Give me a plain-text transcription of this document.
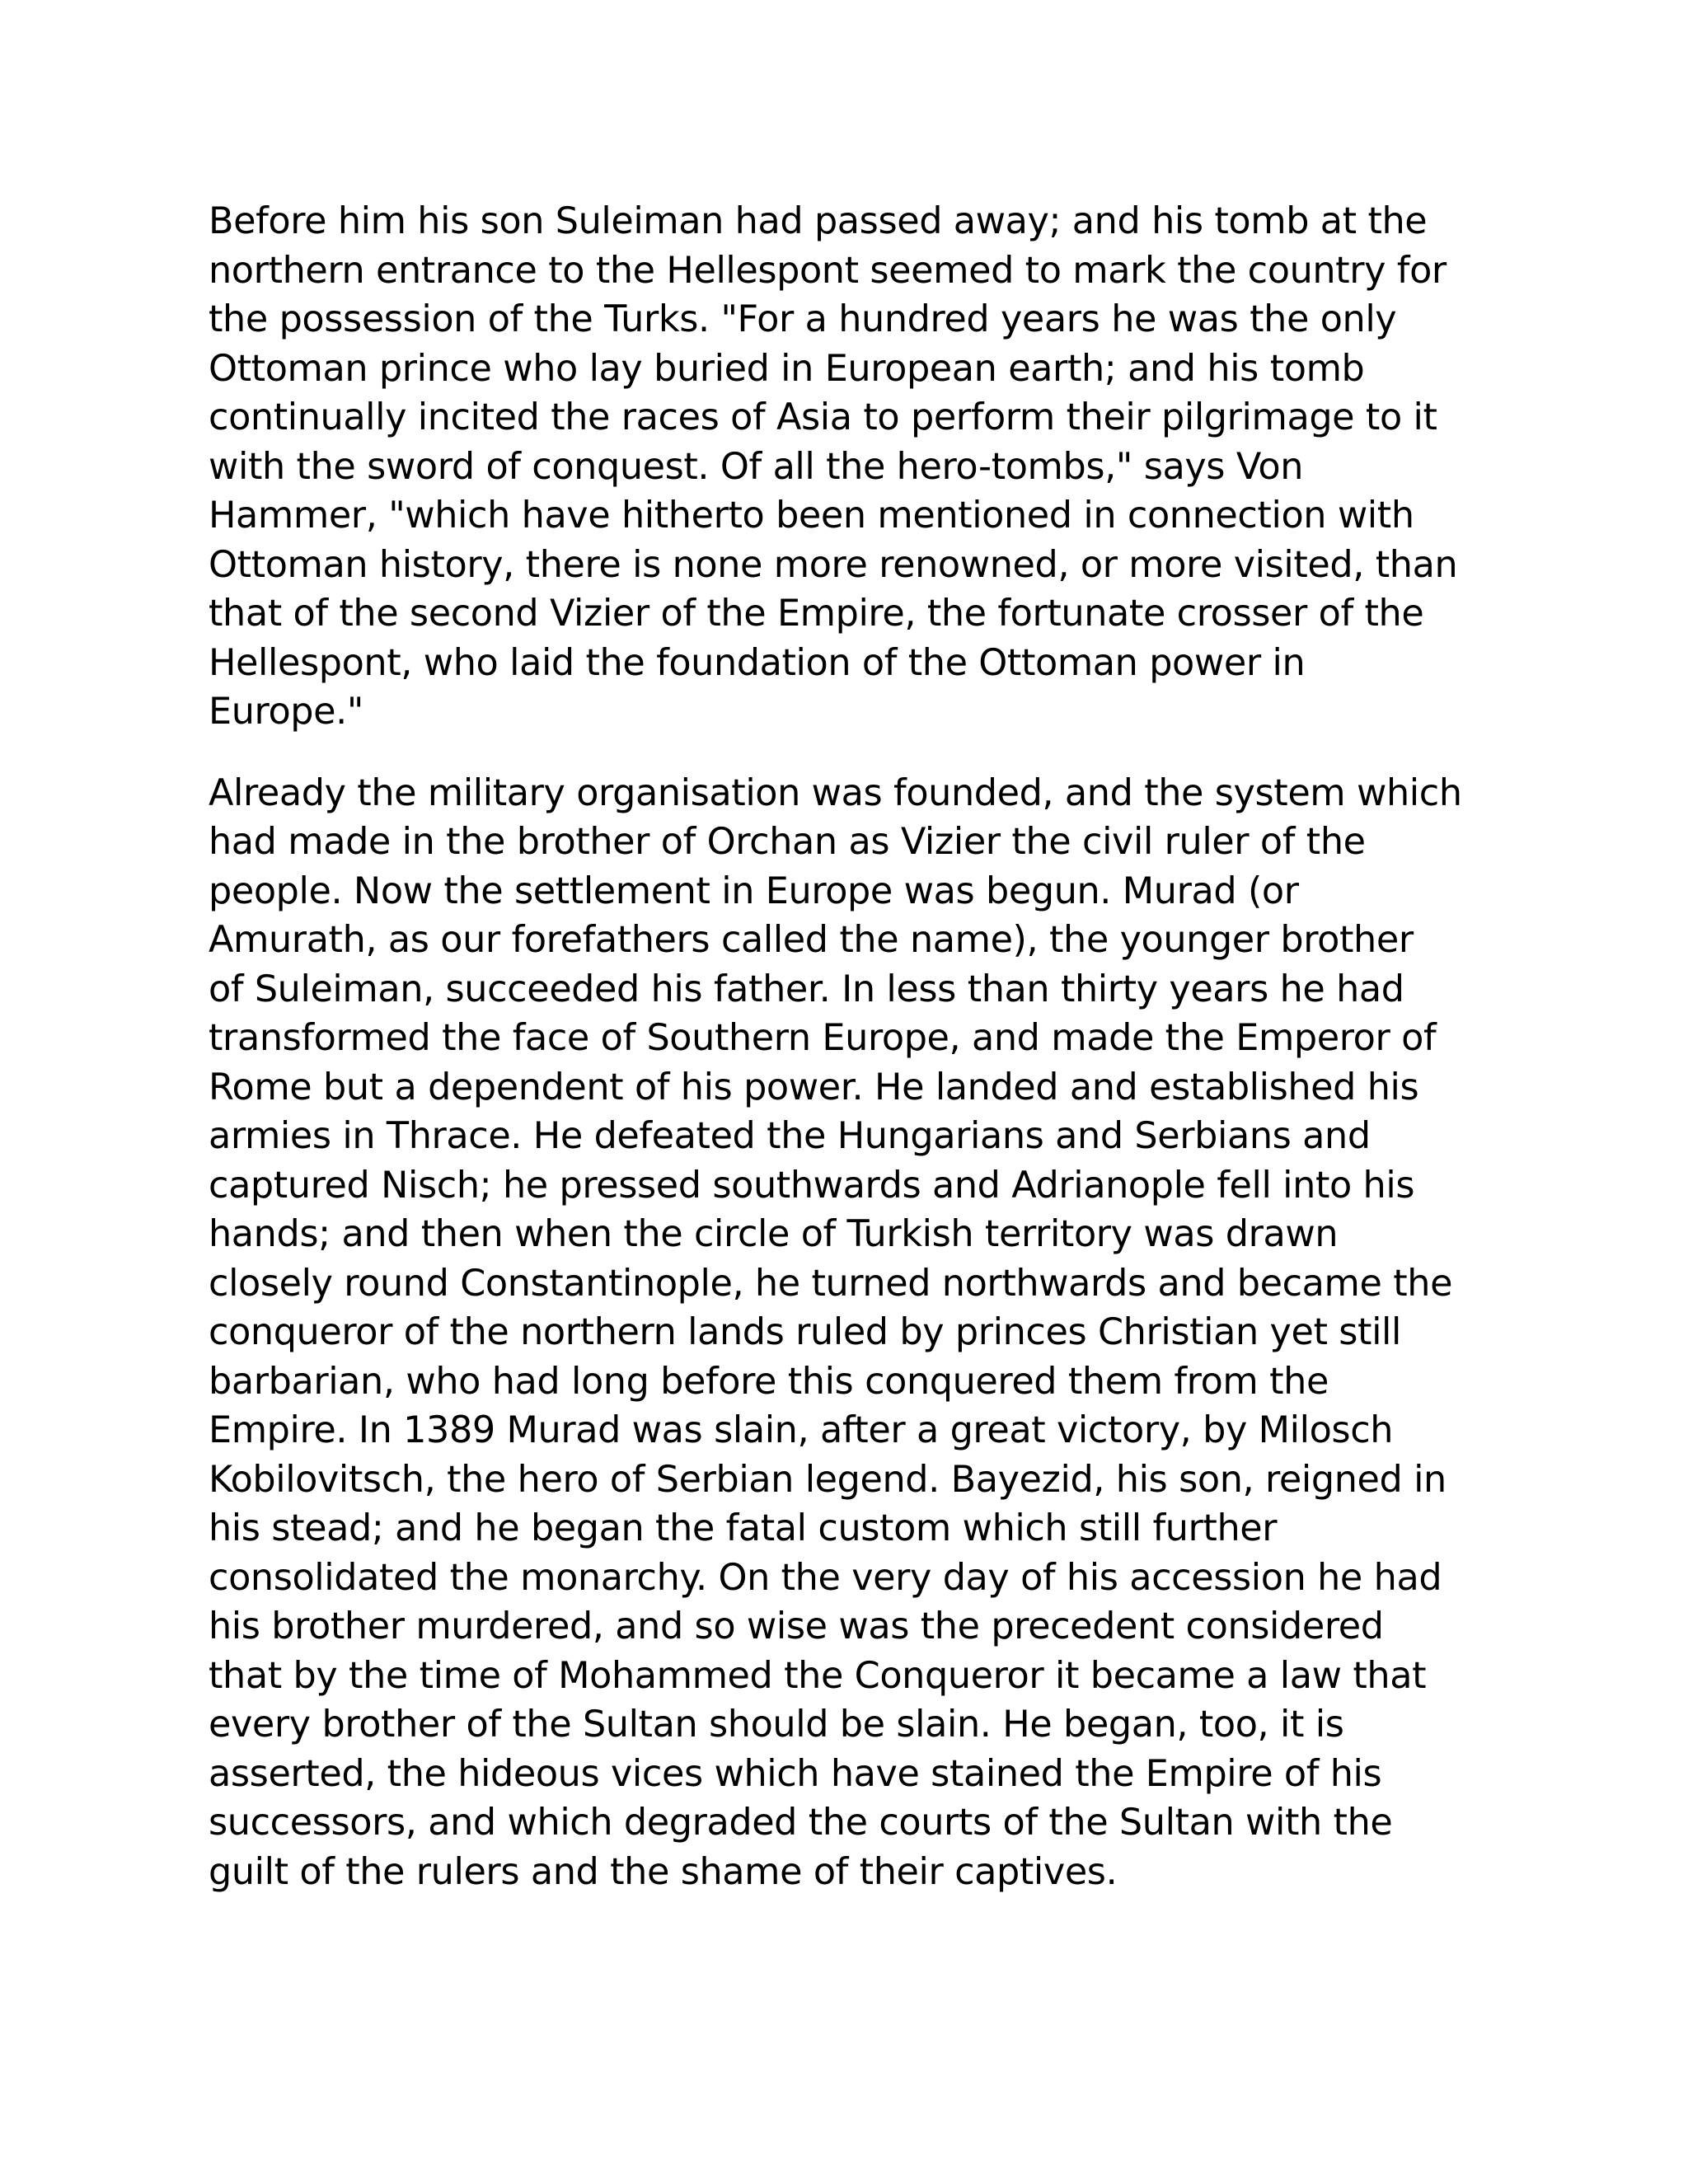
Before him his son Suleiman had passed away; and his tomb at the
northern entrance to the Hellespont seemed to mark the country for
the possession of the Turks. "For a hundred years he was the only
Ottoman prince who lay buried in European earth; and his tomb
continually incited the races of Asia to perform their pilgrimage to it
with the sword of conquest. Of all the hero-tombs," says Von
Hammer, "which have hitherto been mentioned in connection with
Ottoman history, there is none more renowned, or more visited, than
that of the second Vizier of the Empire, the fortunate crosser of the
Hellespont, who laid the foundation of the Ottoman power in
Europe."

Already the military organisation was founded, and the system which
had made in the brother of Orchan as Vizier the civil ruler of the
people. Now the settlement in Europe was begun. Murad (or
Amurath, as our forefathers called the name), the younger brother
of Suleiman, succeeded his father. In less than thirty years he had
transformed the face of Southern Europe, and made the Emperor of
Rome but a dependent of his power. He landed and established his
armies in Thrace. He defeated the Hungarians and Serbians and
captured Nisch; he pressed southwards and Adrianople fell into his
hands; and then when the circle of Turkish territory was drawn
closely round Constantinople, he turned northwards and became the
conqueror of the northern lands ruled by princes Christian yet still
barbarian, who had long before this conquered them from the
Empire. In 1389 Murad was slain, after a great victory, by Milosch
Kobilovitsch, the hero of Serbian legend. Bayezid, his son, reigned in
his stead; and he began the fatal custom which still further
consolidated the monarchy. On the very day of his accession he had
his brother murdered, and so wise was the precedent considered
that by the time of Mohammed the Conqueror it became a law that
every brother of the Sultan should be slain. He began, too, it is
asserted, the hideous vices which have stained the Empire of his
successors, and which degraded the courts of the Sultan with the
guilt of the rulers and the shame of their captives.
